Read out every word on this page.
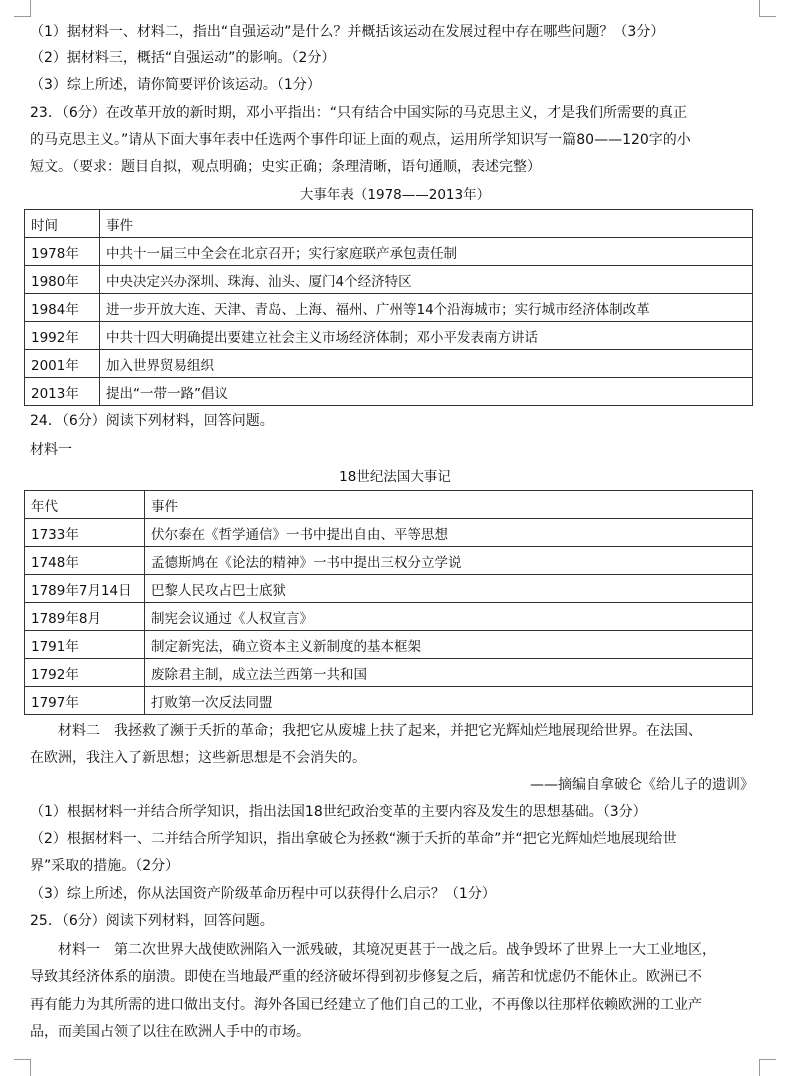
（1）据材料一、材料二，指出“自强运动”是什么？并概括该运动在发展过程中存在哪些问题？（3分）
（2）据材料三，概括“自强运动”的影响。（2分）
（3）综上所述，请你简要评价该运动。（1分）
23．（6分）在改革开放的新时期，邓小平指出：“只有结合中国实际的马克思主义，才是我们所需要的真正
的马克思主义。”请从下面大事年表中任选两个事件印证上面的观点，运用所学知识写一篇80——120字的小
短文。（要求：题目自拟，观点明确；史实正确；条理清晰，语句通顺，表述完整）
大事年表（1978——2013年）
时间	事件
1978年	中共十一届三中全会在北京召开；实行家庭联产承包责任制
1980年	中央决定兴办深圳、珠海、汕头、厦门4个经济特区
1984年	进一步开放大连、天津、青岛、上海、福州、广州等14个沿海城市；实行城市经济体制改革
1992年	中共十四大明确提出要建立社会主义市场经济体制；邓小平发表南方讲话
2001年	加入世界贸易组织
2013年	提出“一带一路”倡议
24．（6分）阅读下列材料，回答问题。
材料一
18世纪法国大事记
年代	事件
1733年	伏尔泰在《哲学通信》一书中提出自由、平等思想
1748年	孟德斯鸠在《论法的精神》一书中提出三权分立学说
1789年7月14日	巴黎人民攻占巴士底狱
1789年8月	制宪会议通过《人权宣言》
1791年	制定新宪法，确立资本主义新制度的基本框架
1792年	废除君主制，成立法兰西第一共和国
1797年	打败第一次反法同盟
材料二　我拯救了濒于夭折的革命；我把它从废墟上扶了起来，并把它光辉灿烂地展现给世界。在法国、
在欧洲，我注入了新思想；这些新思想是不会消失的。
——摘编自拿破仑《给儿子的遗训》
（1）根据材料一并结合所学知识，指出法国18世纪政治变革的主要内容及发生的思想基础。（3分）
（2）根据材料一、二并结合所学知识，指出拿破仑为拯救“濒于夭折的革命”并“把它光辉灿烂地展现给世
界”采取的措施。（2分）
（3）综上所述，你从法国资产阶级革命历程中可以获得什么启示？（1分）
25．（6分）阅读下列材料，回答问题。
材料一　第二次世界大战使欧洲陷入一派残破，其境况更甚于一战之后。战争毁坏了世界上一大工业地区，
导致其经济体系的崩溃。即使在当地最严重的经济破坏得到初步修复之后，痛苦和忧虑仍不能休止。欧洲已不
再有能力为其所需的进口做出支付。海外各国已经建立了他们自己的工业，不再像以往那样依赖欧洲的工业产
品，而美国占领了以往在欧洲人手中的市场。
